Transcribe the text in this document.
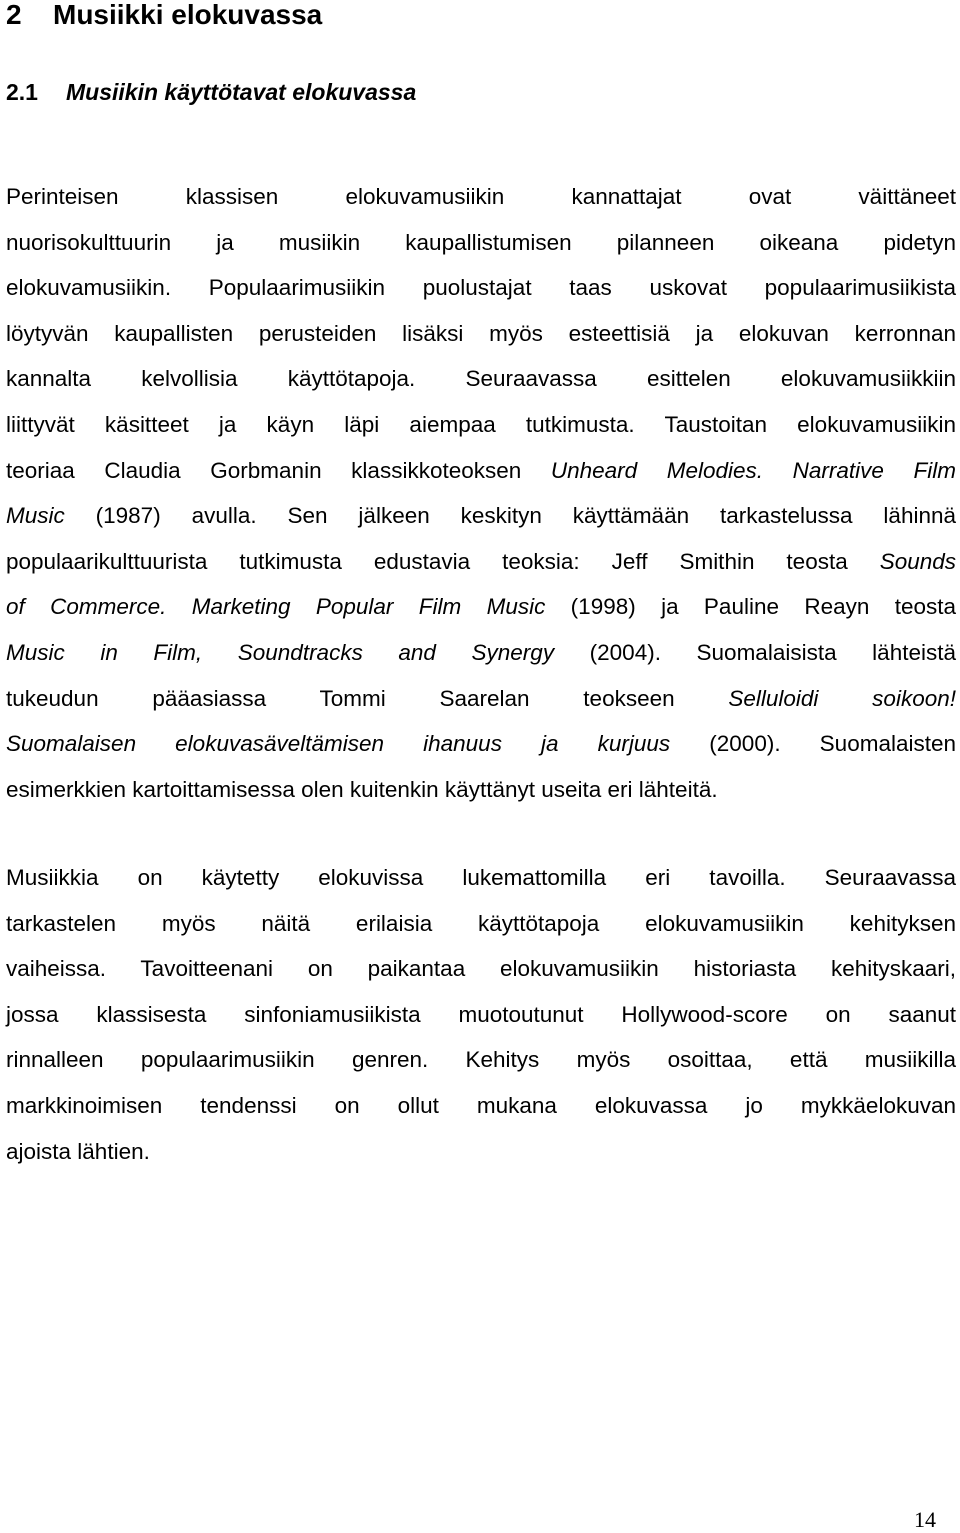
2 Musiikki elokuvassa
2.1 Musiikin käyttötavat elokuvassa
Perinteisen klassisen elokuvamusiikin kannattajat ovat väittäneet
nuorisokulttuurin ja musiikin kaupallistumisen pilanneen oikeana pidetyn
elokuvamusiikin. Populaarimusiikin puolustajat taas uskovat populaarimusiikista
löytyvän kaupallisten perusteiden lisäksi myös esteettisiä ja elokuvan kerronnan
kannalta kelvollisia käyttötapoja. Seuraavassa esittelen elokuvamusiikkiin
liittyvät käsitteet ja käyn läpi aiempaa tutkimusta. Taustoitan elokuvamusiikin
teoriaa Claudia Gorbmanin klassikkoteoksen Unheard Melodies. Narrative Film
Music (1987) avulla. Sen jälkeen keskityn käyttämään tarkastelussa lähinnä
populaarikulttuurista tutkimusta edustavia teoksia: Jeff Smithin teosta Sounds
of Commerce. Marketing Popular Film Music (1998) ja Pauline Reayn teosta
Music in Film, Soundtracks and Synergy (2004). Suomalaisista lähteistä
tukeudun pääasiassa Tommi Saarelan teokseen Selluloidi soikoon!
Suomalaisen elokuvasäveltämisen ihanuus ja kurjuus (2000). Suomalaisten
esimerkkien kartoittamisessa olen kuitenkin käyttänyt useita eri lähteitä.
Musiikkia on käytetty elokuvissa lukemattomilla eri tavoilla. Seuraavassa
tarkastelen myös näitä erilaisia käyttötapoja elokuvamusiikin kehityksen
vaiheissa. Tavoitteenani on paikantaa elokuvamusiikin historiasta kehityskaari,
jossa klassisesta sinfoniamusiikista muotoutunut Hollywood-score on saanut
rinnalleen populaarimusiikin genren. Kehitys myös osoittaa, että musiikilla
markkinoimisen tendenssi on ollut mukana elokuvassa jo mykkäelokuvan
ajoista lähtien.
14
